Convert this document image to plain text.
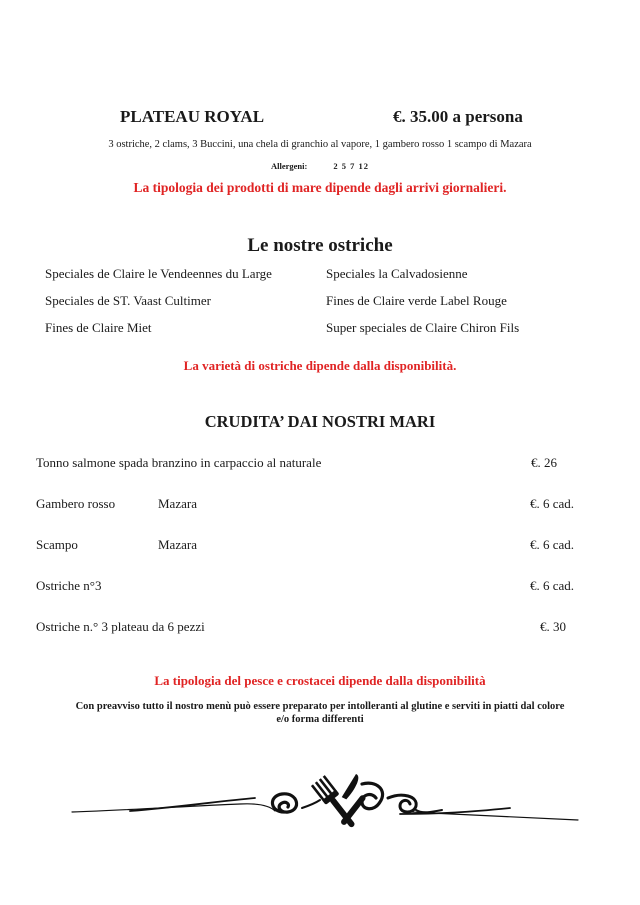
PLATEAU ROYAL	€. 35.00 a persona
3 ostriche, 2 clams, 3 Buccini, una chela di granchio al vapore, 1 gambero rosso 1 scampo di Mazara
Allergeni:	2 5 7 12
La tipologia dei prodotti di mare dipende dagli arrivi giornalieri.
Le nostre ostriche
Speciales de Claire le Vendeennes du Large	Speciales la Calvadosienne
Speciales de ST. Vaast Cultimer	Fines de Claire verde Label Rouge
Fines de Claire Miet	Super speciales de Claire Chiron Fils
La varietà di ostriche dipende dalla disponibilità.
CRUDITA’ DAI NOSTRI MARI
Tonno salmone spada branzino in carpaccio al naturale	€. 26
Gambero rosso	Mazara	€. 6 cad.
Scampo	Mazara	€. 6 cad.
Ostriche n°3	€. 6 cad.
Ostriche n.° 3 plateau da 6 pezzi	€. 30
La tipologia del pesce e crostacei dipende dalla disponibilità
Con preavviso tutto il nostro menù può essere preparato per intolleranti al glutine e serviti in piatti dal colore e/o forma differenti
